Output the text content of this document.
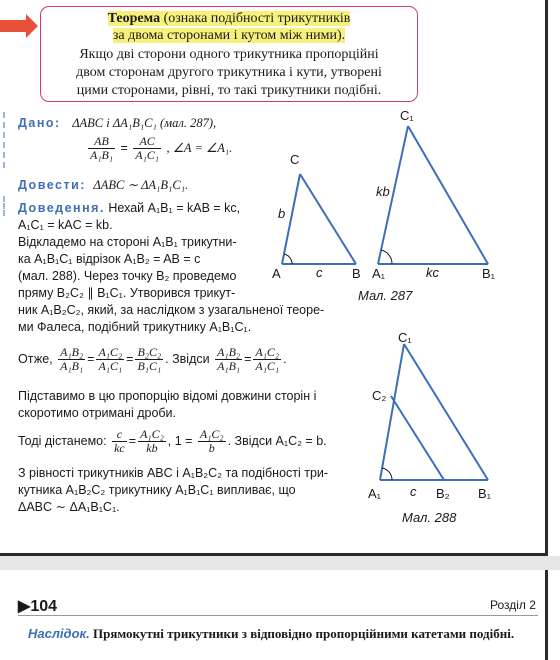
Теорема (ознака подібності трикутників
за двома сторонами і кутом між ними).
Якщо дві сторони одного трикутника пропорційні
двом сторонам другого трикутника і кути, утворені
цими сторонами, рівні, то такі трикутники подібні.
Дано: ΔABC і ΔA₁B₁C₁ (мал. 287),
$\frac{AB}{\text{A₁B₁}} = \frac{AC}{\text{A₁C₁}}$ , ∠A = ∠A₁.
Довести: ΔABC ∼ ΔA₁B₁C₁.
Доведення. Нехай A₁B₁ = kAB = kc,
A₁C₁ = kAC = kb.
Відкладемо на стороні A₁B₁ трикутни-
ка A₁B₁C₁ відрізок A₁B₂ = AB = c
(мал. 288). Через точку B₂ проведемо
пряму B₂C₂ ∥ B₁C₁. Утворився трикут-
ник A₁B₂C₂, який, за наслідком з узагальненої теоре-
ми Фалеса, подібний трикутнику A₁B₁C₁.
Отже, $\frac{\text{A₁B₂}}{\text{A₁B₁}} = \frac{\text{A₁C₂}}{\text{A₁C₁}} = \frac{\text{B₂C₂}}{\text{B₁C₁}}$ . Звідси $\frac{\text{A₁B₂}}{\text{A₁B₁}} = \frac{\text{A₁C₂}}{\text{A₁C₁}}$ .
Підставимо в цю пропорцію відомі довжини сторін і
скоротимо отримані дроби.
Тоді дістанемо: $\frac{c}{kc} = \frac{\text{A₁C₂}}{kb}$ , $1 = \frac{\text{A₁C₂}}{b}$ . Звідси A₁C₂ = b.
З рівності трикутників ABC і A₁B₂C₂ та подібності три-
кутника A₁B₂C₂ трикутнику A₁B₁C₁ випливає, що
ΔABC ∼ ΔA₁B₁C₁.
C
b
A	c B
C₁
kb
A₁	kc	B₁
Мал. 287
C₁
C₂
A₁ c B₂ B₁
Мал. 288
▶104	Розділ 2
Наслідок. Прямокутні трикутники з відповідно пропорційними катетами подібні.
